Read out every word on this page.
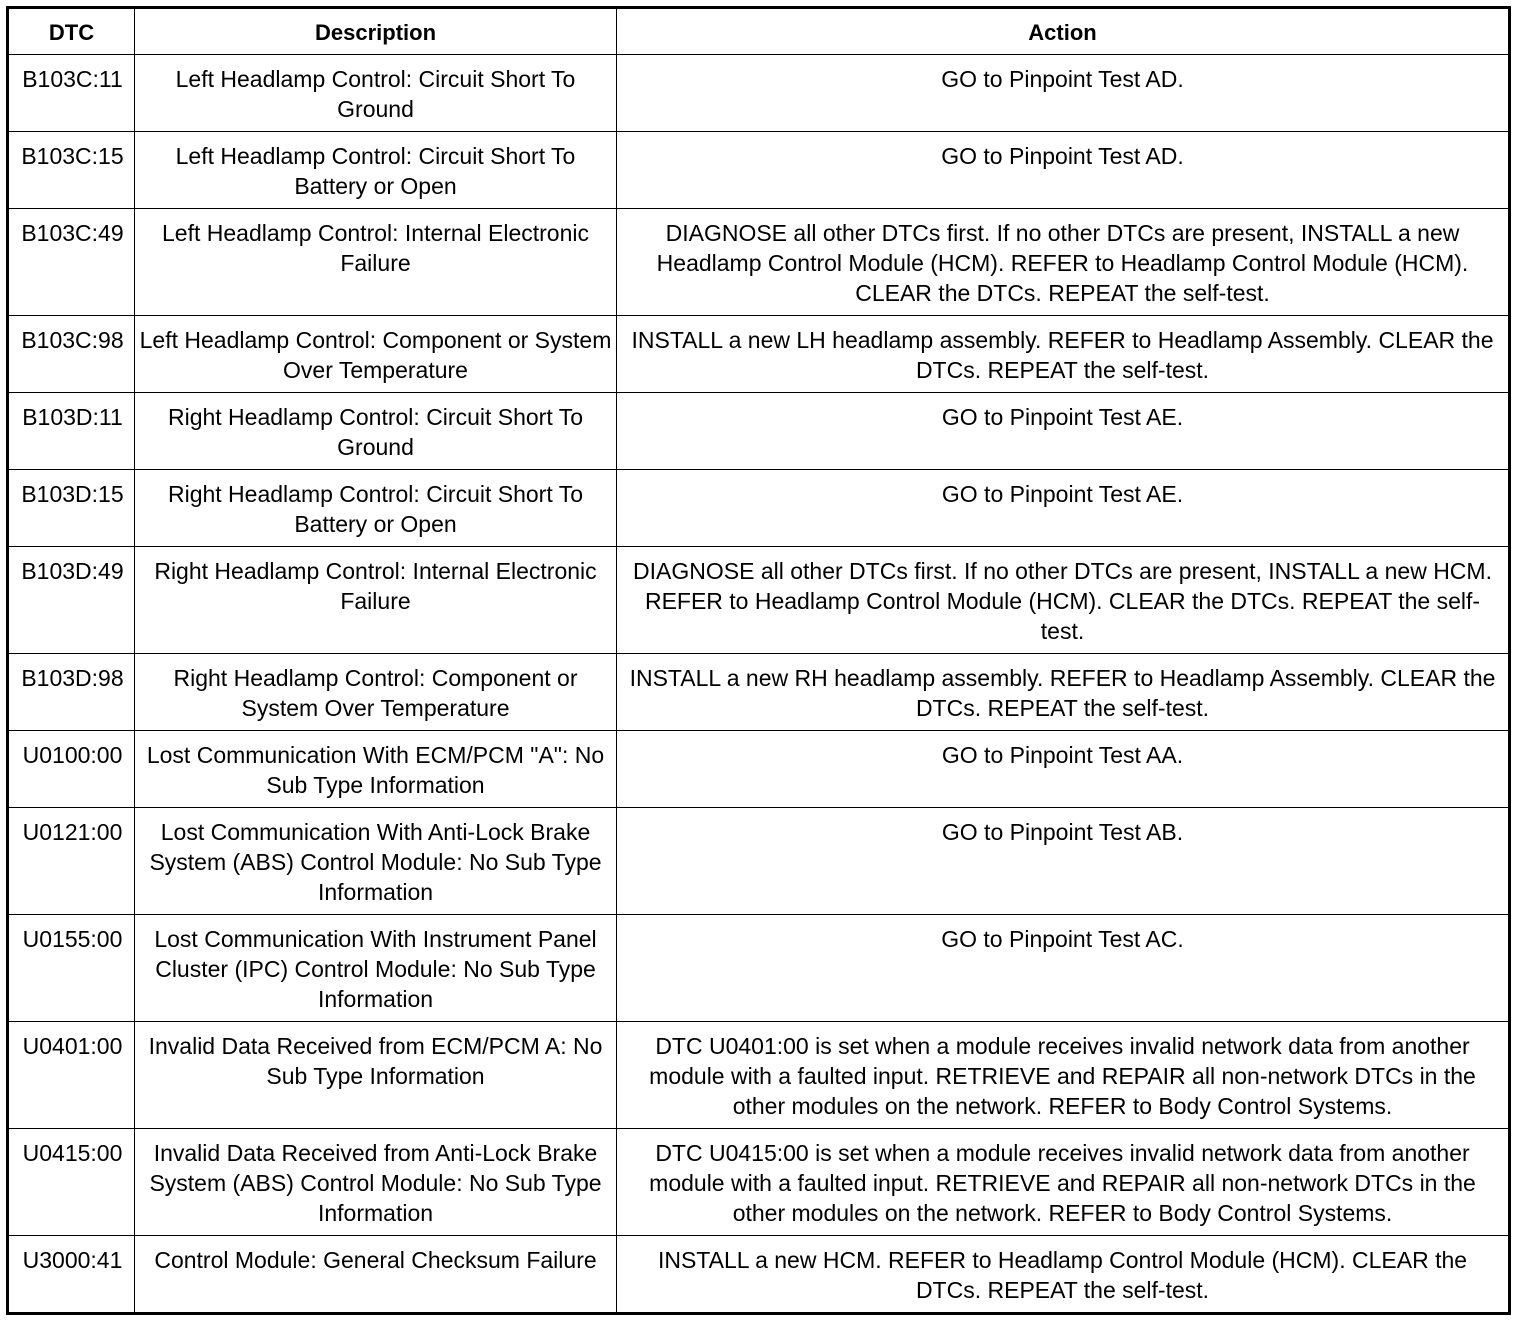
DTC	Description	Action
B103C:11	Left Headlamp Control: Circuit Short To Ground	GO to Pinpoint Test AD.
B103C:15	Left Headlamp Control: Circuit Short To Battery or Open	GO to Pinpoint Test AD.
B103C:49	Left Headlamp Control: Internal Electronic Failure	DIAGNOSE all other DTCs first. If no other DTCs are present, INSTALL a new Headlamp Control Module (HCM). REFER to Headlamp Control Module (HCM). CLEAR the DTCs. REPEAT the self-test.
B103C:98	Left Headlamp Control: Component or System Over Temperature	INSTALL a new LH headlamp assembly. REFER to Headlamp Assembly. CLEAR the DTCs. REPEAT the self-test.
B103D:11	Right Headlamp Control: Circuit Short To Ground	GO to Pinpoint Test AE.
B103D:15	Right Headlamp Control: Circuit Short To Battery or Open	GO to Pinpoint Test AE.
B103D:49	Right Headlamp Control: Internal Electronic Failure	DIAGNOSE all other DTCs first. If no other DTCs are present, INSTALL a new HCM. REFER to Headlamp Control Module (HCM). CLEAR the DTCs. REPEAT the self-test.
B103D:98	Right Headlamp Control: Component or System Over Temperature	INSTALL a new RH headlamp assembly. REFER to Headlamp Assembly. CLEAR the DTCs. REPEAT the self-test.
U0100:00	Lost Communication With ECM/PCM "A": No Sub Type Information	GO to Pinpoint Test AA.
U0121:00	Lost Communication With Anti-Lock Brake System (ABS) Control Module: No Sub Type Information	GO to Pinpoint Test AB.
U0155:00	Lost Communication With Instrument Panel Cluster (IPC) Control Module: No Sub Type Information	GO to Pinpoint Test AC.
U0401:00	Invalid Data Received from ECM/PCM A: No Sub Type Information	DTC U0401:00 is set when a module receives invalid network data from another module with a faulted input. RETRIEVE and REPAIR all non-network DTCs in the other modules on the network. REFER to Body Control Systems.
U0415:00	Invalid Data Received from Anti-Lock Brake System (ABS) Control Module: No Sub Type Information	DTC U0415:00 is set when a module receives invalid network data from another module with a faulted input. RETRIEVE and REPAIR all non-network DTCs in the other modules on the network. REFER to Body Control Systems.
U3000:41	Control Module: General Checksum Failure	INSTALL a new HCM. REFER to Headlamp Control Module (HCM). CLEAR the DTCs. REPEAT the self-test.
